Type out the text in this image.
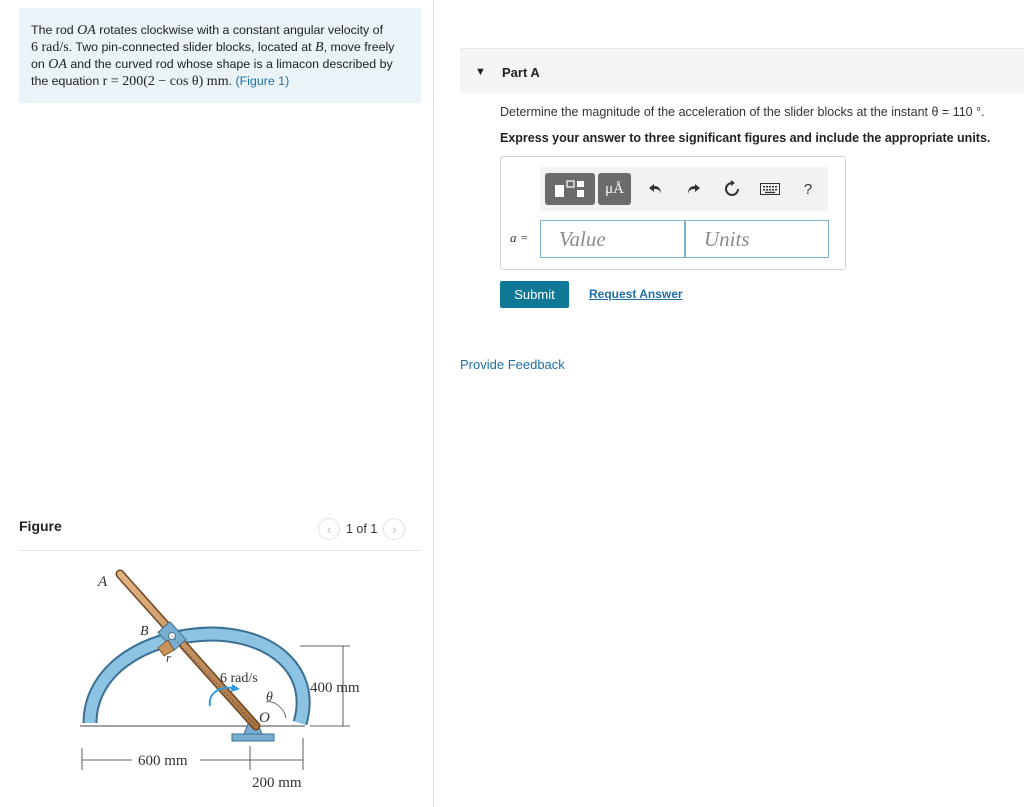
The rod OA rotates clockwise with a constant angular velocity of 6 rad/s. Two pin-connected slider blocks, located at B, move freely on OA and the curved rod whose shape is a limacon described by the equation r = 200(2 − cos θ) mm. (Figure 1)
Figure	‹ 1 of 1 ›
A
B
r
6 rad/s
θ
O
400 mm
600 mm
200 mm
▼ Part A
Determine the magnitude of the acceleration of the slider blocks at the instant θ = 110 °.
Express your answer to three significant figures and include the appropriate units.
μÅ	?
a =
Value
Units
Submit	Request Answer
Provide Feedback
